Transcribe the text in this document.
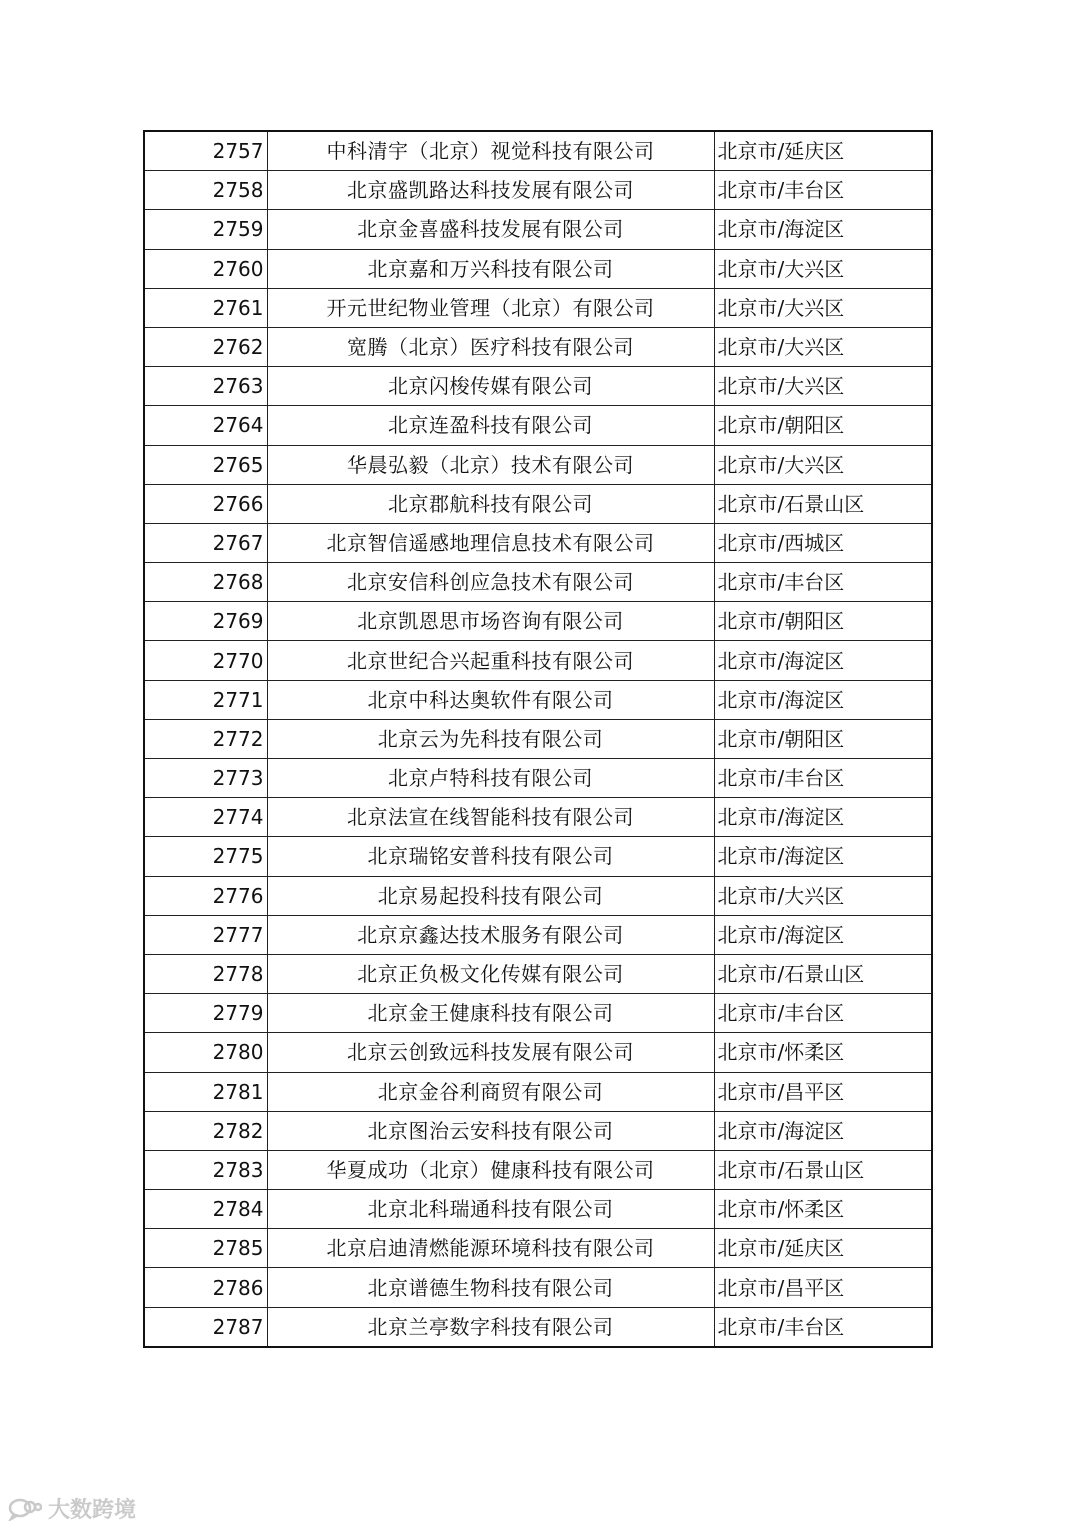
2757	中科清宇（北京）视觉科技有限公司	北京市/延庆区
2758	北京盛凯路达科技发展有限公司	北京市/丰台区
2759	北京金喜盛科技发展有限公司	北京市/海淀区
2760	北京嘉和万兴科技有限公司	北京市/大兴区
2761	开元世纪物业管理（北京）有限公司	北京市/大兴区
2762	宽腾（北京）医疗科技有限公司	北京市/大兴区
2763	北京闪梭传媒有限公司	北京市/大兴区
2764	北京连盈科技有限公司	北京市/朝阳区
2765	华晨弘毅（北京）技术有限公司	北京市/大兴区
2766	北京郡航科技有限公司	北京市/石景山区
2767	北京智信遥感地理信息技术有限公司	北京市/西城区
2768	北京安信科创应急技术有限公司	北京市/丰台区
2769	北京凯恩思市场咨询有限公司	北京市/朝阳区
2770	北京世纪合兴起重科技有限公司	北京市/海淀区
2771	北京中科达奥软件有限公司	北京市/海淀区
2772	北京云为先科技有限公司	北京市/朝阳区
2773	北京卢特科技有限公司	北京市/丰台区
2774	北京法宣在线智能科技有限公司	北京市/海淀区
2775	北京瑞铭安普科技有限公司	北京市/海淀区
2776	北京易起投科技有限公司	北京市/大兴区
2777	北京京鑫达技术服务有限公司	北京市/海淀区
2778	北京正负极文化传媒有限公司	北京市/石景山区
2779	北京金王健康科技有限公司	北京市/丰台区
2780	北京云创致远科技发展有限公司	北京市/怀柔区
2781	北京金谷利商贸有限公司	北京市/昌平区
2782	北京图治云安科技有限公司	北京市/海淀区
2783	华夏成功（北京）健康科技有限公司	北京市/石景山区
2784	北京北科瑞通科技有限公司	北京市/怀柔区
2785	北京启迪清燃能源环境科技有限公司	北京市/延庆区
2786	北京谱德生物科技有限公司	北京市/昌平区
2787	北京兰亭数字科技有限公司	北京市/丰台区
大数跨境
